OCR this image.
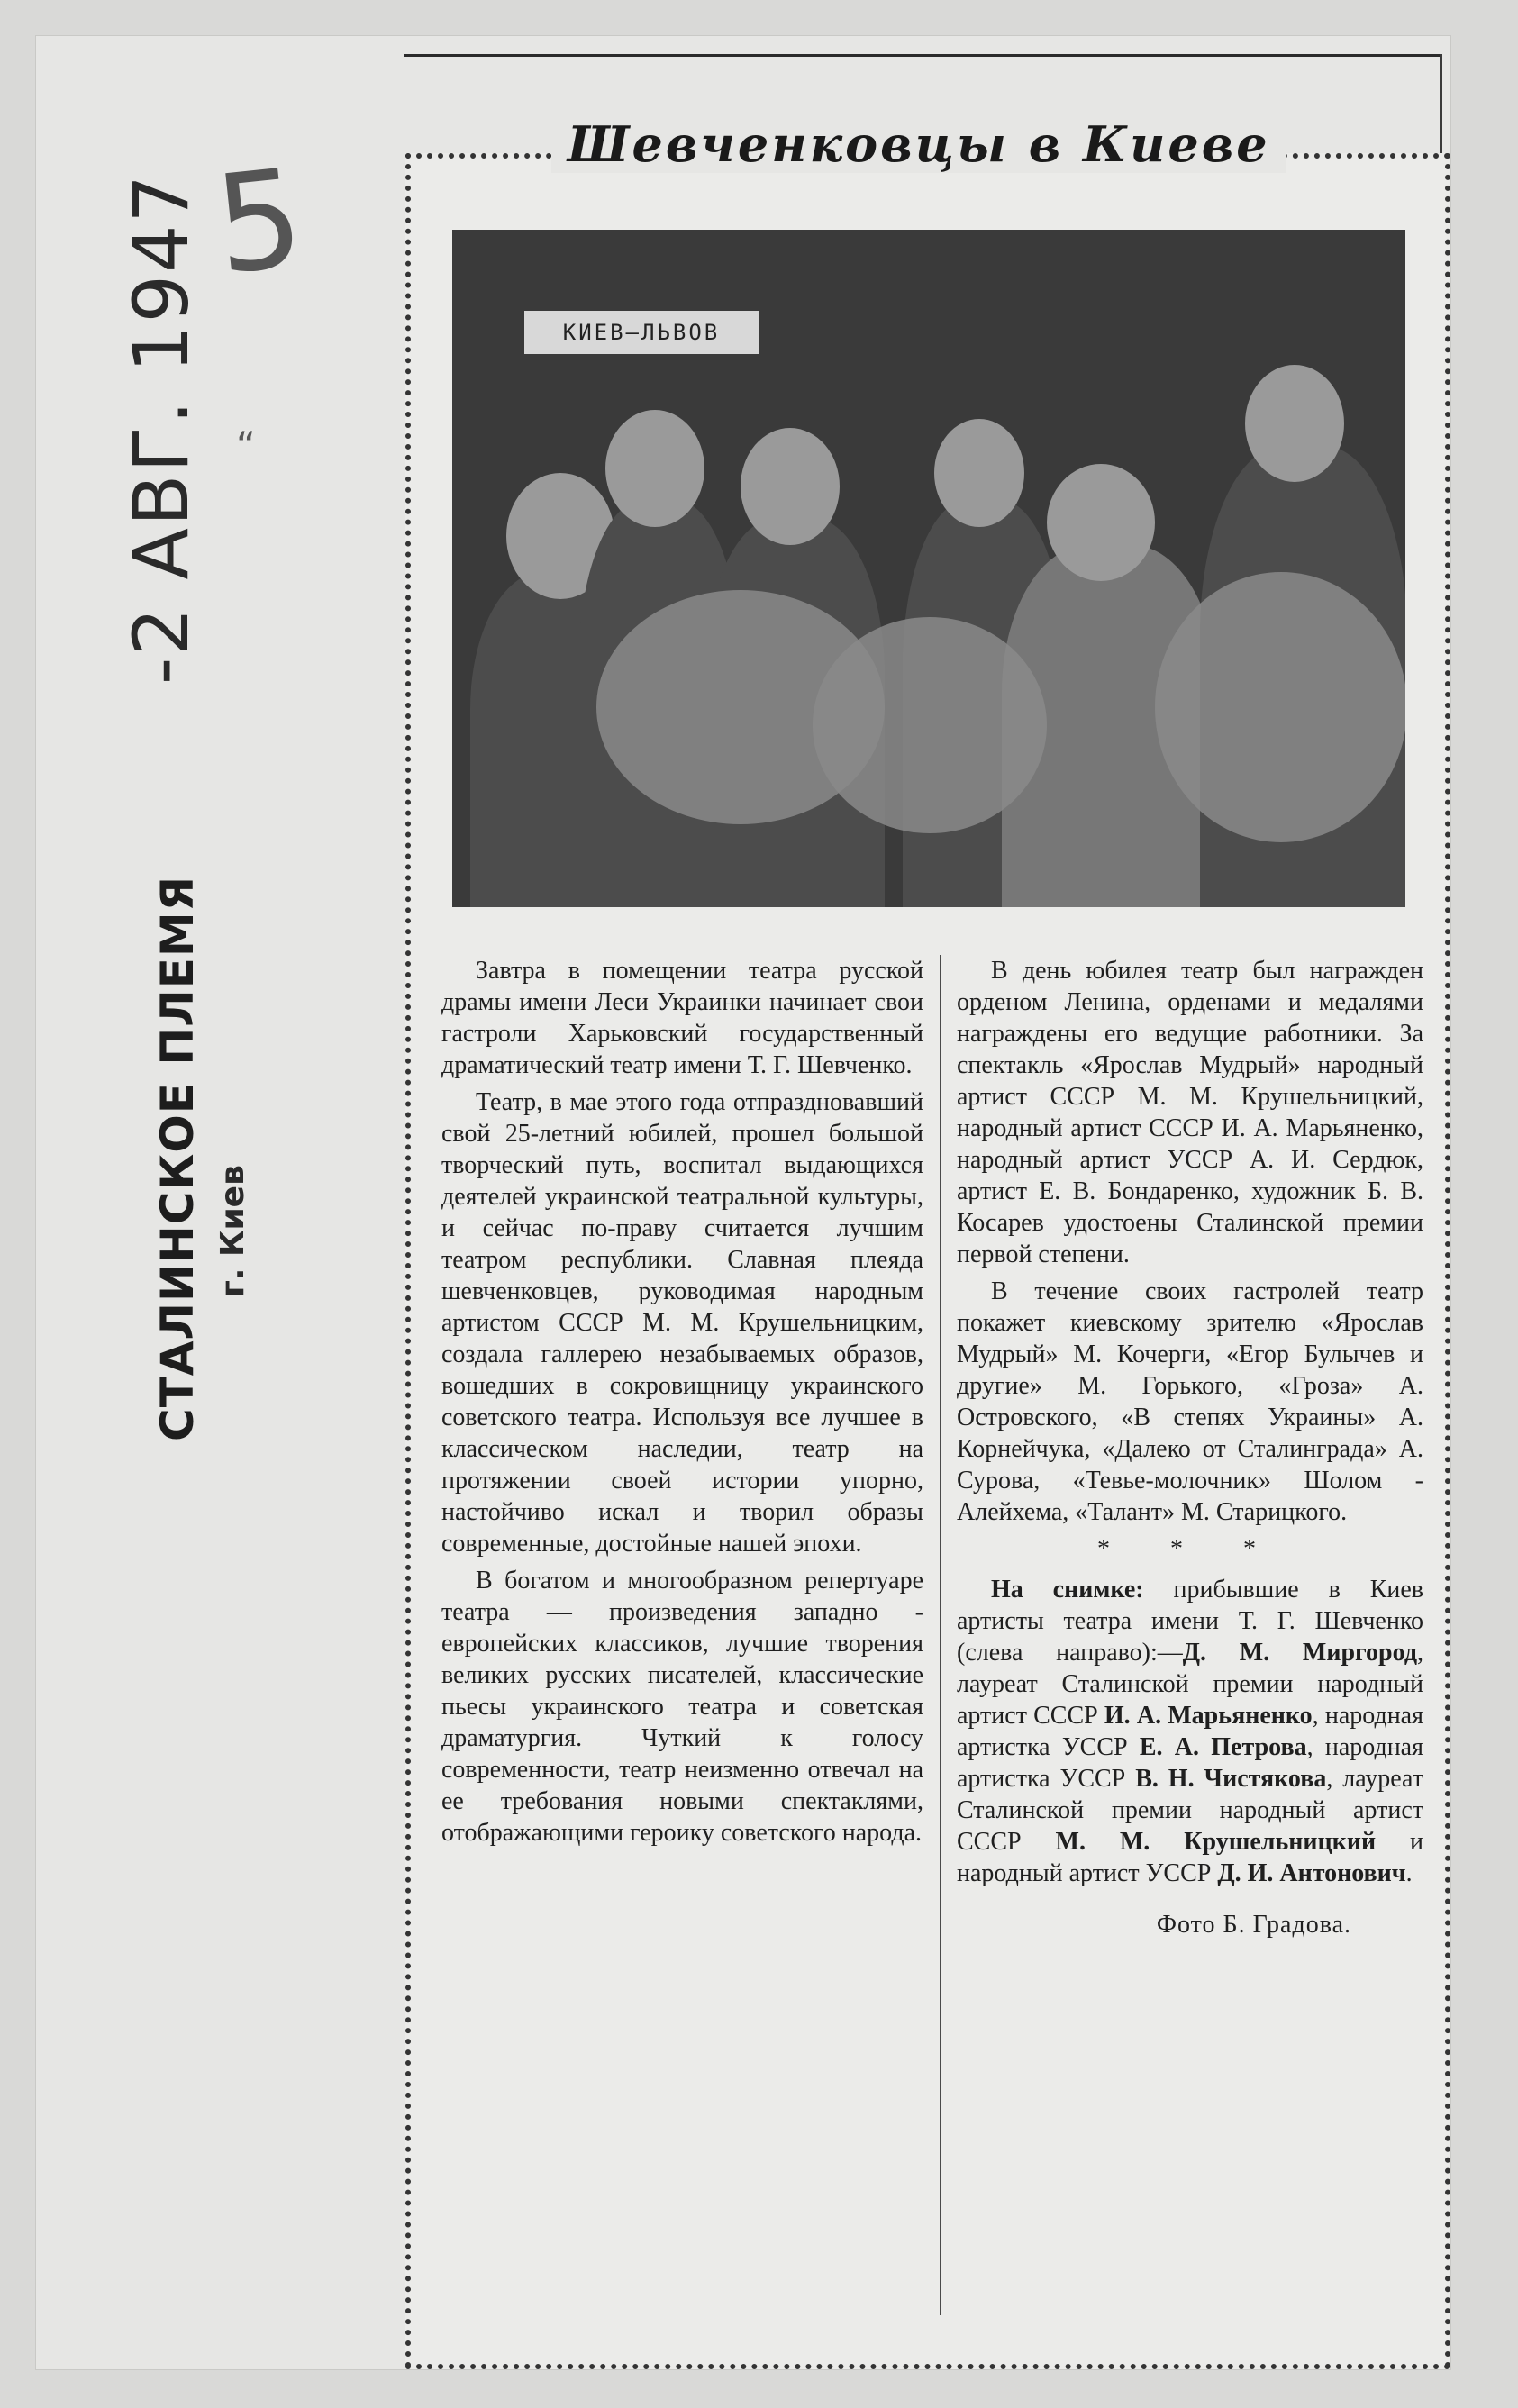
5
“
-2 АВГ. 1947
СТАЛИНСКОЕ ПЛЕМЯ г. Киев
Шевченковцы в Киеве
КИЕВ–ЛЬВОВ

Завтра в помещении театра русской драмы имени Леси Украинки начинает свои гастроли Харьковский государственный драматический театр имени Т. Г. Шевченко.

Театр, в мае этого года отпраздновавший свой 25-летний юбилей, прошел большой творческий путь, воспитал выдающихся деятелей украинской театральной культуры, и сейчас по-праву считается лучшим театром республики. Славная плеяда шевченковцев, руководимая народным артистом СССР М. М. Крушельницким, создала галлерею незабываемых образов, вошедших в сокровищницу украинского советского театра. Используя все лучшее в классическом наследии, театр на протяжении своей истории упорно, настойчиво искал и творил образы современные, достойные нашей эпохи.

В богатом и многообразном репертуаре театра — произведения западно - европейских классиков, лучшие творения великих русских писателей, классические пьесы украинского театра и советская драматургия. Чуткий к голосу современности, театр неизменно отвечал на ее требования новыми спектаклями, отображающими героику советского народа.

В день юбилея театр был награжден орденом Ленина, орденами и медалями награждены его ведущие работники. За спектакль «Ярослав Мудрый» народный артист СССР М. М. Крушельницкий, народный артист СССР И. А. Марьяненко, народный артист УССР А. И. Сердюк, артист Е. В. Бондаренко, художник Б. В. Косарев удостоены Сталинской премии первой степени.

В течение своих гастролей театр покажет киевскому зрителю «Ярослав Мудрый» М. Кочерги, «Егор Булычев и другие» М. Горького, «Гроза» А. Островского, «В степях Украины» А. Корнейчука, «Далеко от Сталинграда» А. Сурова, «Тевье-молочник» Шолом - Алейхема, «Талант» М. Старицкого.

* * *

На снимке: прибывшие в Киев артисты театра имени Т. Г. Шевченко (слева направо):—Д. М. Миргород, лауреат Сталинской премии народный артист СССР И. А. Марьяненко, народная артистка УССР Е. А. Петрова, народная артистка УССР В. Н. Чистякова, лауреат Сталинской премии народный артист СССР М. М. Крушельницкий и народный артист УССР Д. И. Антонович.

Фото Б. Градова.
